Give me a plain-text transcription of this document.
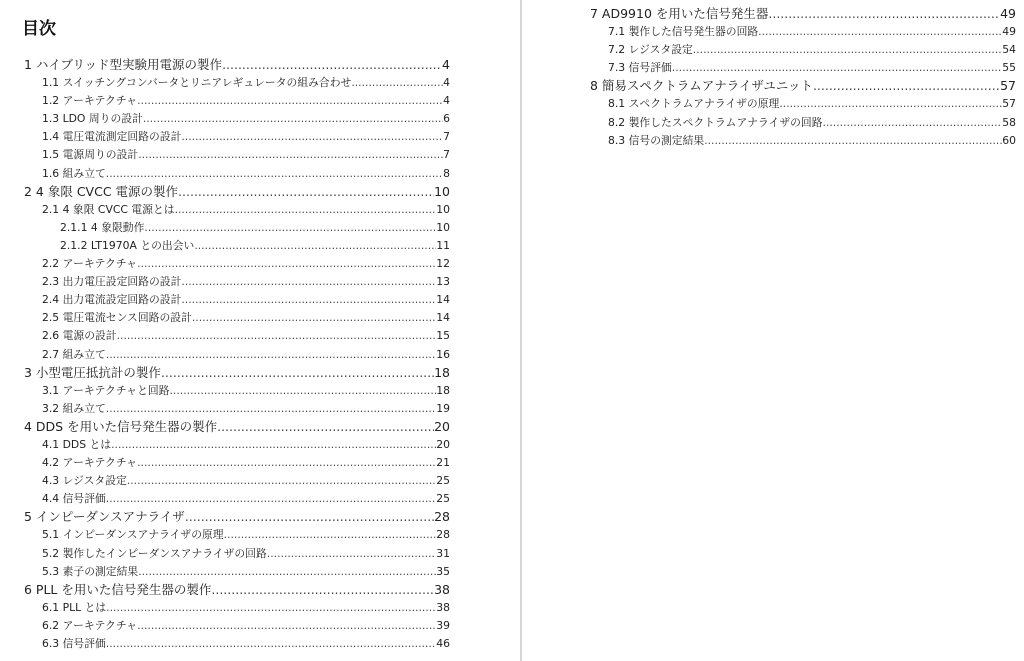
目次
1 ハイブリッド型実験用電源の製作 .....	4
1.1 スイッチングコンバータとリニアレギュレータの組み合わせ .....	4
1.2 アーキテクチャ .....	4
1.3 LDO 周りの設計 .....	6
1.4 電圧電流測定回路の設計 .....	7
1.5 電源周りの設計 .....	7
1.6 組み立て .....	8
2 4 象限 CVCC 電源の製作 .....	10
2.1 4 象限 CVCC 電源とは .....	10
2.1.1 4 象限動作 .....	10
2.1.2 LT1970A との出会い .....	11
2.2 アーキテクチャ .....	12
2.3 出力電圧設定回路の設計 .....	13
2.4 出力電流設定回路の設計 .....	14
2.5 電圧電流センス回路の設計 .....	14
2.6 電源の設計 .....	15
2.7 組み立て .....	16
3 小型電圧抵抗計の製作 .....	18
3.1 アーキテクチャと回路 .....	18
3.2 組み立て .....	19
4 DDS を用いた信号発生器の製作 .....	20
4.1 DDS とは .....	20
4.2 アーキテクチャ .....	21
4.3 レジスタ設定 .....	25
4.4 信号評価 .....	25
5 インピーダンスアナライザ .....	28
5.1 インピーダンスアナライザの原理 .....	28
5.2 製作したインピーダンスアナライザの回路 .....	31
5.3 素子の測定結果 .....	35
6 PLL を用いた信号発生器の製作 .....	38
6.1 PLL とは .....	38
6.2 アーキテクチャ .....	39
6.3 信号評価 .....	46
7 AD9910 を用いた信号発生器 .....	49
7.1 製作した信号発生器の回路 .....	49
7.2 レジスタ設定 .....	54
7.3 信号評価 .....	55
8 簡易スペクトラムアナライザユニット .....	57
8.1 スペクトラムアナライザの原理 .....	57
8.2 製作したスペクトラムアナライザの回路 .....	58
8.3 信号の測定結果 .....	60
